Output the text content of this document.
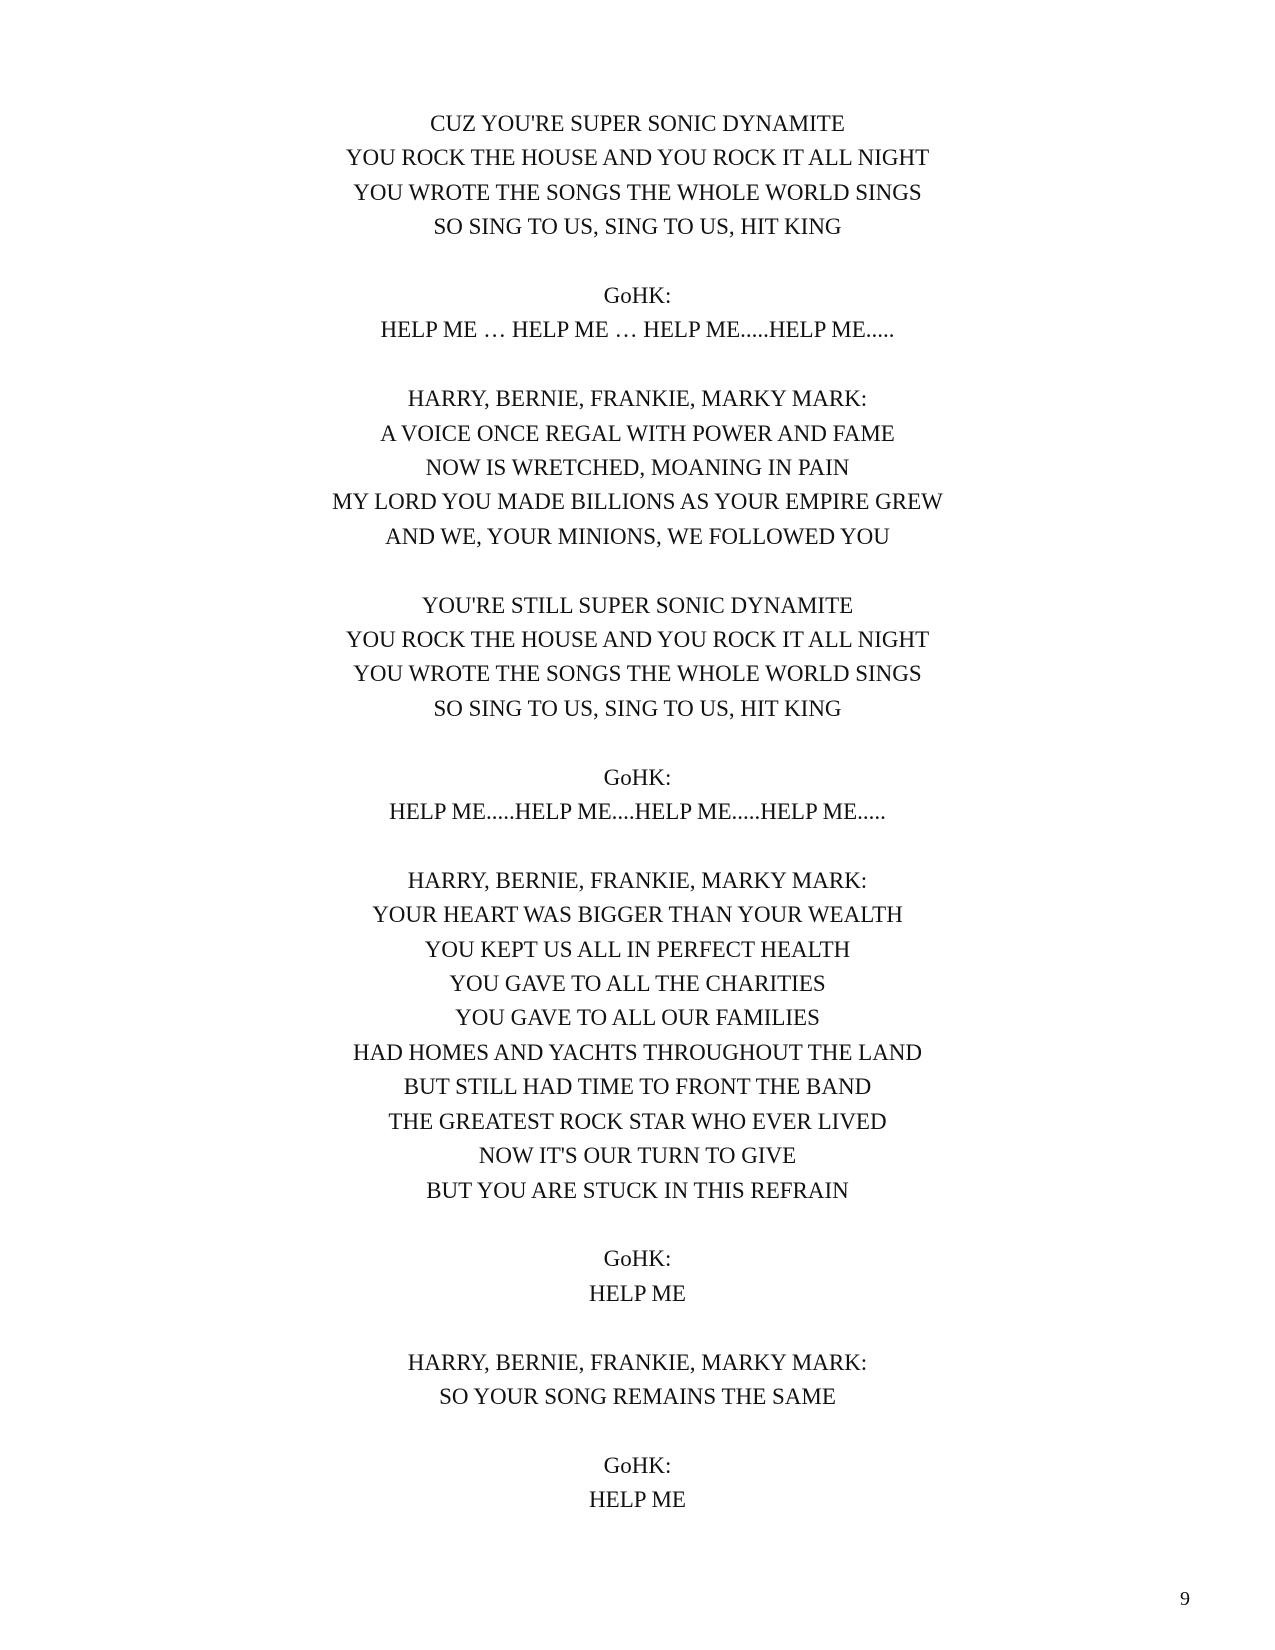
CUZ YOU'RE SUPER SONIC DYNAMITE
YOU ROCK THE HOUSE AND YOU ROCK IT ALL NIGHT
YOU WROTE THE SONGS THE WHOLE WORLD SINGS
SO SING TO US, SING TO US, HIT KING
GoHK:
HELP ME … HELP ME … HELP ME.....HELP ME.....
HARRY, BERNIE, FRANKIE, MARKY MARK:
A VOICE ONCE REGAL WITH POWER AND FAME
NOW IS WRETCHED, MOANING IN PAIN
MY LORD YOU MADE BILLIONS AS YOUR EMPIRE GREW
AND WE, YOUR MINIONS, WE FOLLOWED YOU
YOU'RE STILL SUPER SONIC DYNAMITE
YOU ROCK THE HOUSE AND YOU ROCK IT ALL NIGHT
YOU WROTE THE SONGS THE WHOLE WORLD SINGS
SO SING TO US, SING TO US, HIT KING
GoHK:
HELP ME.....HELP ME....HELP ME.....HELP ME.....
HARRY, BERNIE, FRANKIE, MARKY MARK:
YOUR HEART WAS BIGGER THAN YOUR WEALTH
YOU KEPT US ALL IN PERFECT HEALTH
YOU GAVE TO ALL THE CHARITIES
YOU GAVE TO ALL OUR FAMILIES
HAD HOMES AND YACHTS THROUGHOUT THE LAND
BUT STILL HAD TIME TO FRONT THE BAND
THE GREATEST ROCK STAR WHO EVER LIVED
NOW IT'S OUR TURN TO GIVE
BUT YOU ARE STUCK IN THIS REFRAIN
GoHK:
HELP ME
HARRY, BERNIE, FRANKIE, MARKY MARK:
SO YOUR SONG REMAINS THE SAME
GoHK:
HELP ME
9
